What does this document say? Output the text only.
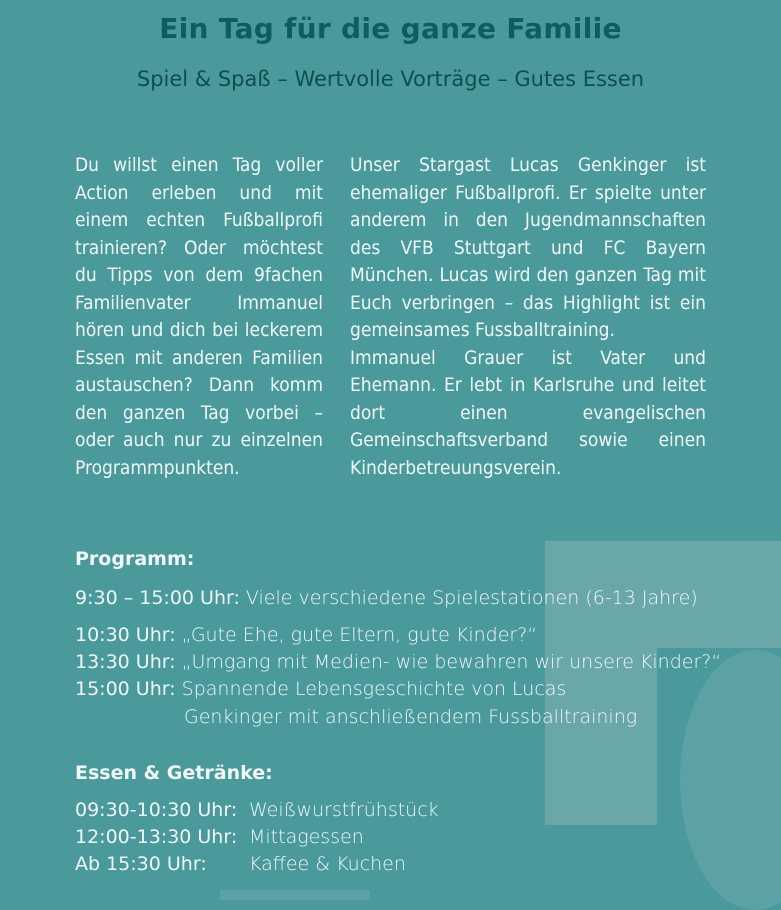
Ein Tag für die ganze Familie
Spiel & Spaß – Wertvolle Vorträge – Gutes Essen

Du willst einen Tag voller Action erleben und mit einem echten Fußballprofi trainieren? Oder möchtest du Tipps von dem 9fachen Familienvater Immanuel hören und dich bei leckerem Essen mit anderen Familien austauschen? Dann komm den ganzen Tag vorbei – oder auch nur zu einzelnen Programmpunkten.

Unser Stargast Lucas Genkinger ist ehemaliger Fußballprofi. Er spielte unter anderem in den Jugendmannschaften des VFB Stuttgart und FC Bayern München. Lucas wird den ganzen Tag mit Euch verbringen – das Highlight ist ein gemeinsames Fussballtraining.

Immanuel Grauer ist Vater und Ehemann. Er lebt in Karlsruhe und leitet dort einen evangelischen Gemeinschaftsverband sowie einen Kinderbetreuungsverein.

Programm:
9:30 – 15:00 Uhr: Viele verschiedene Spielestationen (6-13 Jahre)
10:30 Uhr: „Gute Ehe, gute Eltern, gute Kinder?“
13:30 Uhr: „Umgang mit Medien- wie bewahren wir unsere Kinder?“
15:00 Uhr: Spannende Lebensgeschichte von Lucas
Genkinger mit anschließendem Fussballtraining
Essen & Getränke:
09:30-10:30 Uhr: Weißwurstfrühstück
12:00-13:30 Uhr: Mittagessen
Ab 15:30 Uhr: Kaffee & Kuchen
